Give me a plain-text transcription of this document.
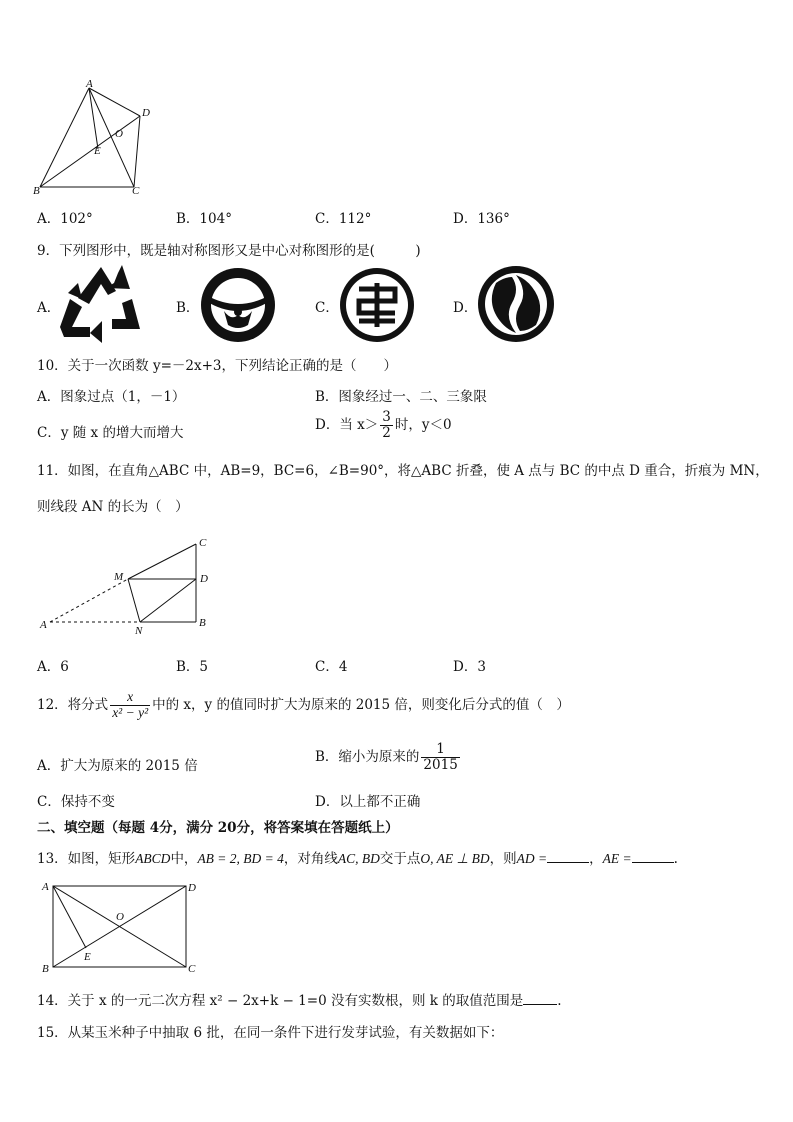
A
B	C
D
O
E
A．102°	B．104°	C．112°	D．136°
9．下列图形中，既是轴对称图形又是中心对称图形的是(　　　)
A．	B．	C．	D．
10．关于一次函数 y=－2x+3，下列结论正确的是（　　）
A．图象过点（1，－1）	B．图象经过一、二、三象限
C．y 随 x 的增大而增大
D．当 $x> \frac{3}{2}$ 时，y＜0
11．如图，在直角△ABC 中，AB=9，BC=6，∠B=90°，将△ABC 折叠，使 A 点与 BC 的中点 D 重合，折痕为 MN，
则线段 AN 的长为（　）
C
M	D
A	N
B
A．6	B．5	C．4	D．3
12．将分式 $\frac{x}{\text{x² − y²}}$ 中的 x，y 的值同时扩大为原来的 2015 倍，则变化后分式的值（　）
A．扩大为原来的 2015 倍
B．缩小为原来的 $\frac{1}{2015}$
C．保持不变	D．以上都不正确
二、填空题（每题 4分，满分 20分，将答案填在答题纸上）
13．如图，矩形ABCD中，AB = 2, BD = 4，对角线AC, BD交于点O, AE ⊥ BD，则AD =	，AE =	.
A	D
O
B
E
C
14．关于 x 的一元二次方程 x² − 2x+k − 1=0 没有实数根，则 k 的取值范围是	.
15．从某玉米种子中抽取 6 批，在同一条件下进行发芽试验，有关数据如下：
